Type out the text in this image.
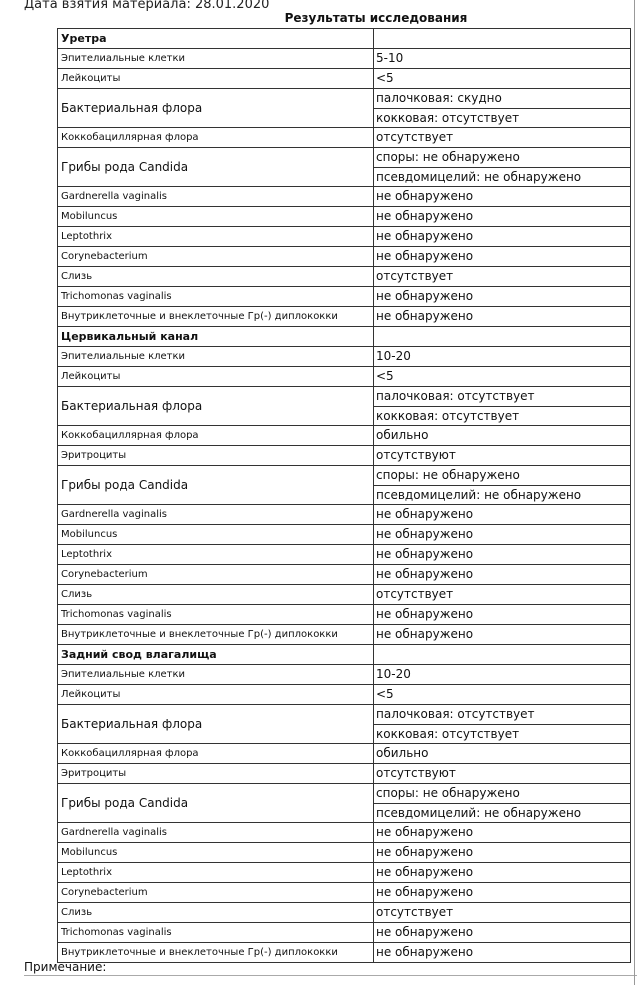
Дата взятия материала: 28.01.2020
Результаты исследования
Уретра
Эпителиальные клетки	5-10
Лейкоциты	<5
Бактериальная флора
палочковая: скудно
кокковая: отсутствует
Коккобациллярная флора	отсутствует
Грибы рода Candida
споры: не обнаружено
псевдомицелий: не обнаружено
Gardnerella vaginalis	не обнаружено
Mobiluncus	не обнаружено
Leptothrix	не обнаружено
Corynebacterium	не обнаружено
Слизь	отсутствует
Trichomonas vaginalis	не обнаружено
Внутриклеточные и внеклеточные Гр(-) диплококки	не обнаружено
Цервикальный канал
Эпителиальные клетки	10-20
Лейкоциты	<5
Бактериальная флора
палочковая: отсутствует
кокковая: отсутствует
Коккобациллярная флора	обильно
Эритроциты	отсутствуют
Грибы рода Candida
споры: не обнаружено
псевдомицелий: не обнаружено
Gardnerella vaginalis	не обнаружено
Mobiluncus	не обнаружено
Leptothrix	не обнаружено
Corynebacterium	не обнаружено
Слизь	отсутствует
Trichomonas vaginalis	не обнаружено
Внутриклеточные и внеклеточные Гр(-) диплококки	не обнаружено
Задний свод влагалища
Эпителиальные клетки	10-20
Лейкоциты	<5
Бактериальная флора
палочковая: отсутствует
кокковая: отсутствует
Коккобациллярная флора	обильно
Эритроциты	отсутствуют
Грибы рода Candida
споры: не обнаружено
псевдомицелий: не обнаружено
Gardnerella vaginalis	не обнаружено
Mobiluncus	не обнаружено
Leptothrix	не обнаружено
Corynebacterium	не обнаружено
Слизь	отсутствует
Trichomonas vaginalis	не обнаружено
Внутриклеточные и внеклеточные Гр(-) диплококки	не обнаружено
Примечание:
